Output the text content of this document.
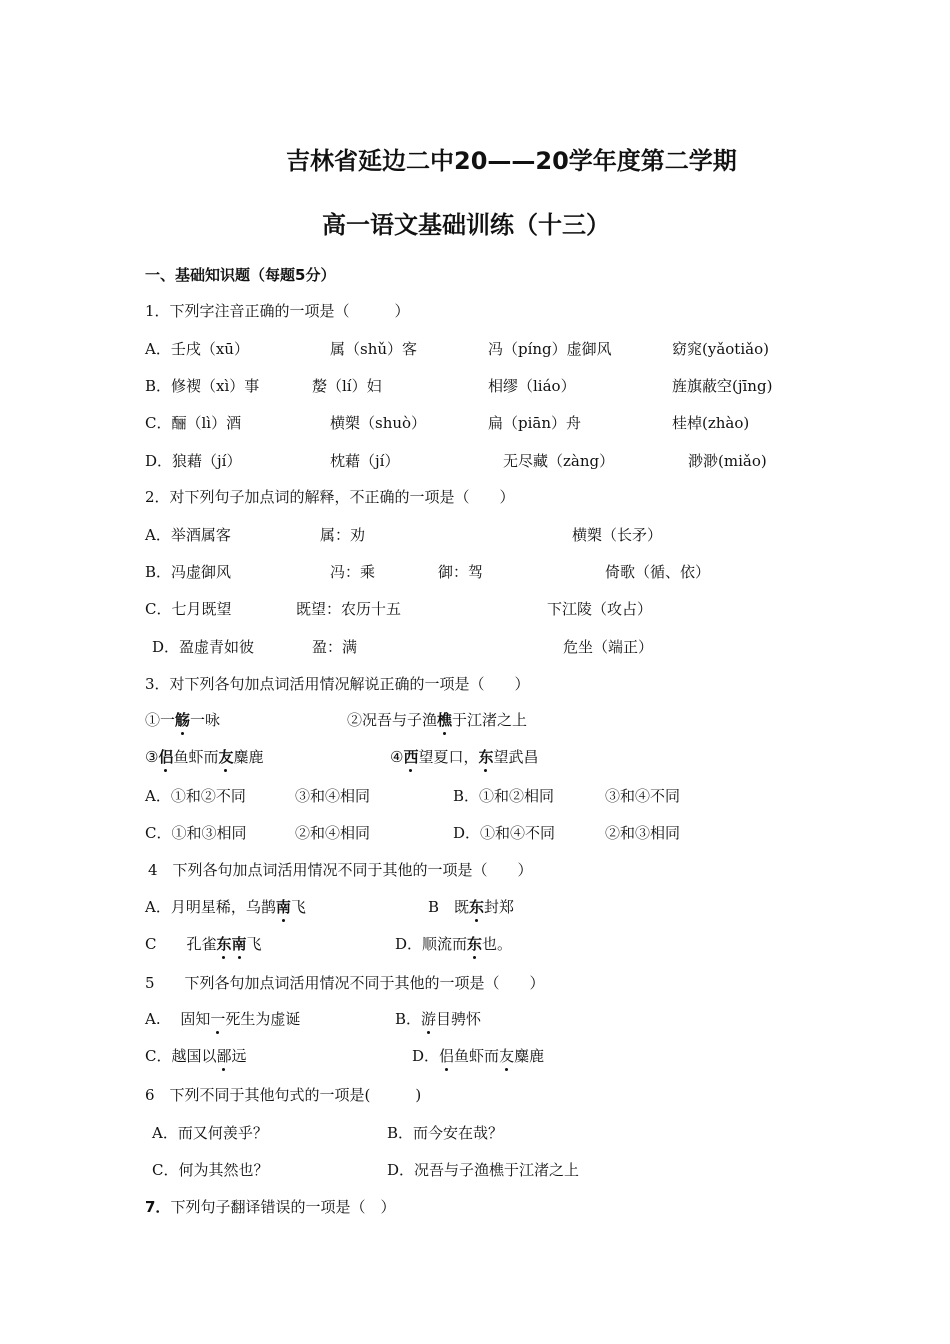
吉林省延边二中20——20学年度第二学期
高一语文基础训练（十三）
一、基础知识题（每题5分）
1．下列字注音正确的一项是（　　　）
A．壬戌（xū）	属（shǔ）客	冯（píng）虚御风	窈窕(yǎotiǎo)
B．修褉（xì）事	嫠（lí）妇	相缪（liáo）	旌旗蔽空(jīng)
C．酾（lì）酒	横槊（shuò）	扁（piān）舟	桂棹(zhào)
D．狼藉（jí）	枕藉（jí）	无尽藏（zàng）	渺渺(miǎo)
2．对下列句子加点词的解释，不正确的一项是（　　）
A．举酒属客	属：劝	横槊（长矛）
B．冯虚御风	冯：乘	御：驾	倚歌（循、依）
C．七月既望	既望：农历十五	下江陵（攻占）
D．盈虚青如彼	盈：满	危坐（端正）
3．对下列各句加点词活用情况解说正确的一项是（　　）
①一觞一咏	②况吾与子渔樵于江渚之上
③侣鱼虾而友麋鹿	④西望夏口，东望武昌
A．①和②不同	③和④相同	B．①和②相同	③和④不同
C．①和③相同	②和④相同	D．①和④不同	②和③相同
4　下列各句加点词活用情况不同于其他的一项是（　　）
A．月明星稀，乌鹊南飞	B　既东封郑
C　　孔雀东南飞	D．顺流而东也。
5　　下列各句加点词活用情况不同于其他的一项是（　　）
A.　 固知一死生为虚诞	B．游目骋怀
C．越国以鄙远	D．侣鱼虾而友麋鹿
6　下列不同于其他句式的一项是(　　　)
A．而又何羡乎？	B．而今安在哉？
C．何为其然也？	D．况吾与子渔樵于江渚之上
7．下列句子翻译错误的一项是（　）
